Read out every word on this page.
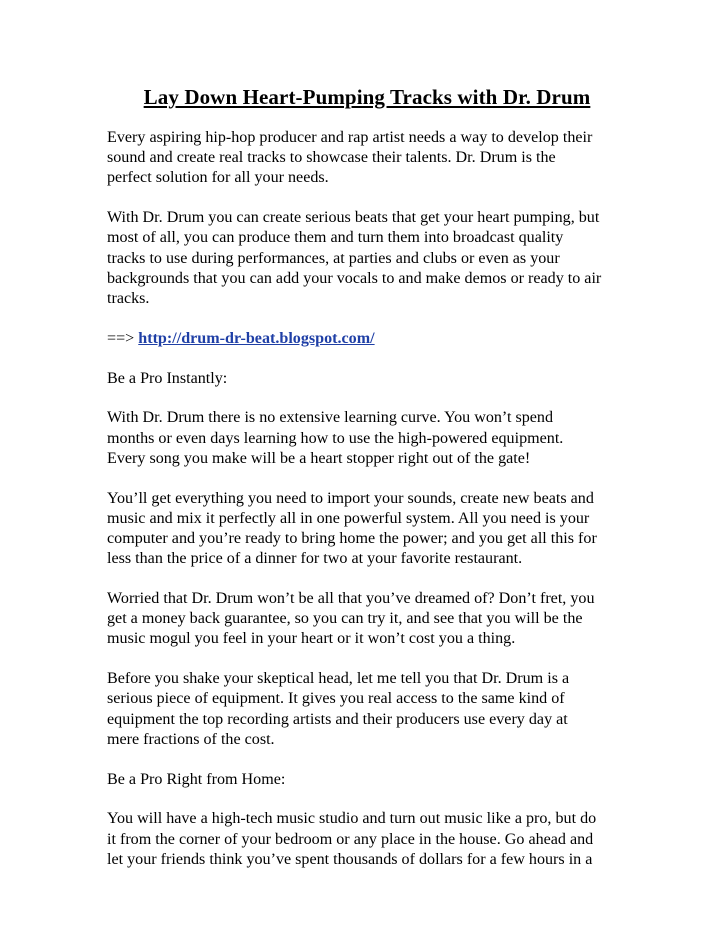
Lay Down Heart-Pumping Tracks with Dr. Drum
Every aspiring hip-hop producer and rap artist needs a way to develop their
sound and create real tracks to showcase their talents. Dr. Drum is the
perfect solution for all your needs.
With Dr. Drum you can create serious beats that get your heart pumping, but
most of all, you can produce them and turn them into broadcast quality
tracks to use during performances, at parties and clubs or even as your
backgrounds that you can add your vocals to and make demos or ready to air
tracks.
==> http://drum-dr-beat.blogspot.com/
Be a Pro Instantly:
With Dr. Drum there is no extensive learning curve. You won’t spend
months or even days learning how to use the high-powered equipment.
Every song you make will be a heart stopper right out of the gate!
You’ll get everything you need to import your sounds, create new beats and
music and mix it perfectly all in one powerful system. All you need is your
computer and you’re ready to bring home the power; and you get all this for
less than the price of a dinner for two at your favorite restaurant.
Worried that Dr. Drum won’t be all that you’ve dreamed of? Don’t fret, you
get a money back guarantee, so you can try it, and see that you will be the
music mogul you feel in your heart or it won’t cost you a thing.
Before you shake your skeptical head, let me tell you that Dr. Drum is a
serious piece of equipment. It gives you real access to the same kind of
equipment the top recording artists and their producers use every day at
mere fractions of the cost.
Be a Pro Right from Home:
You will have a high-tech music studio and turn out music like a pro, but do
it from the corner of your bedroom or any place in the house. Go ahead and
let your friends think you’ve spent thousands of dollars for a few hours in a
